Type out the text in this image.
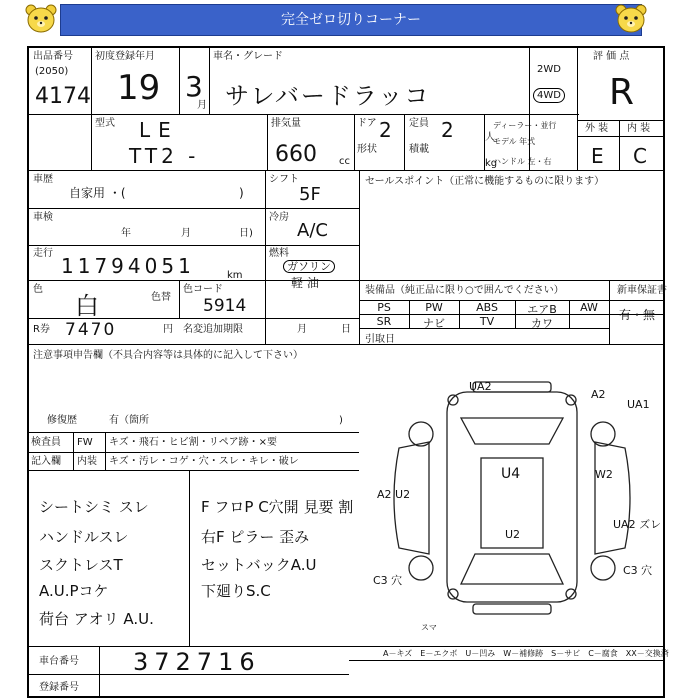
完全ゼロ切りコーナー
出品番号
(2050)
4174
初度登録年月
19 3
月
車名・グレード
サレバードラッコ
2WD
4WD
評 価 点
R
型式 LE
TT2 -
排気量
660 cc
ドア 2 定員 2	人
形状	積載
kg
ディーラー・並行
モデル 年式
ハンドル 左・右
外 装 内 装
E C
車歴
自家用 ・(	)
シフト
5F
セールスポイント（正常に機能するものに限ります）
車検
年	月	日)
冷房
A/C
走行
11794051	km
燃料
ガソリン
軽 油
色
白	色替
色コード
5914
装備品（純正品に限り○で囲んでください）	新車保証書
有・無
PS	PW	ABS	エアB	AW
SR	ナビ	TV	カワ
R券 7470	円 名変追加期限	月	日
引取日
注意事項申告欄（不具合内容等は具体的に記入して下さい）
修復歴	有（箇所	)
検査員 FW キズ・飛石・ヒビ割・リペア跡・×要
記入欄 内装 キズ・汚レ・コゲ・穴・スレ・キレ・破レ
シートシミ スレ
ハンドルスレ
スクトレスT
A.U.Pコケ
荷台 アオリ A.U.
F フロP C穴開 見要 割
右F ピラー 歪み
セットバックA.U
下廻りS.C
UA2
A2
UA1
U4	W2
A2 U2
U2
UA2 ズレ
C3 穴
C3 穴
スマ
車台番号 372716
登録番号
A－キズ　E－エクボ　U－凹み　W－補修跡　S－サビ　C－腐食　XX－交換済
